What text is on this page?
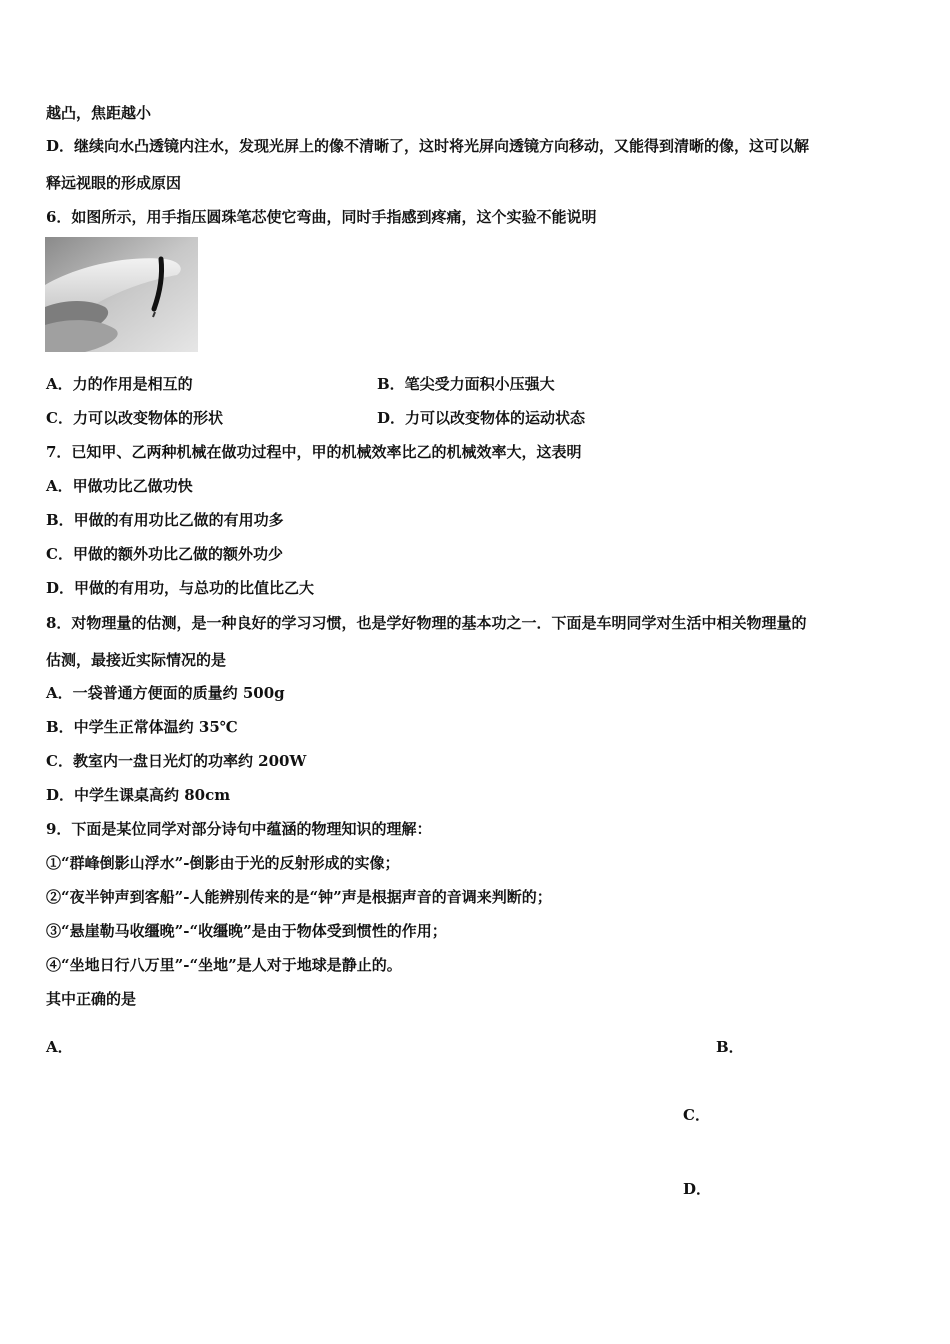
越凸，焦距越小
D．继续向水凸透镜内注水，发现光屏上的像不清晰了，这时将光屏向透镜方向移动，又能得到清晰的像，这可以解
释远视眼的形成原因
6．如图所示，用手指压圆珠笔芯使它弯曲，同时手指感到疼痛，这个实验不能说明
A．力的作用是相互的	B．笔尖受力面积小压强大
C．力可以改变物体的形状	D．力可以改变物体的运动状态
7．已知甲、乙两种机械在做功过程中，甲的机械效率比乙的机械效率大，这表明
A．甲做功比乙做功快
B．甲做的有用功比乙做的有用功多
C．甲做的额外功比乙做的额外功少
D．甲做的有用功，与总功的比值比乙大
8．对物理量的估测，是一种良好的学习习惯，也是学好物理的基本功之一．下面是车明同学对生活中相关物理量的
估测，最接近实际情况的是
A．一袋普通方便面的质量约 500g
B．中学生正常体温约 35℃
C．教室内一盘日光灯的功率约 200W
D．中学生课桌高约 80cm
9．下面是某位同学对部分诗句中蕴涵的物理知识的理解：
①“群峰倒影山浮水”-倒影由于光的反射形成的实像；
②“夜半钟声到客船”-人能辨别传来的是“钟”声是根据声音的音调来判断的；
③“悬崖勒马收缰晚”-“收缰晚”是由于物体受到惯性的作用；
④“坐地日行八万里”-“坐地”是人对于地球是静止的。
其中正确的是
A．	B．
C．
D．
